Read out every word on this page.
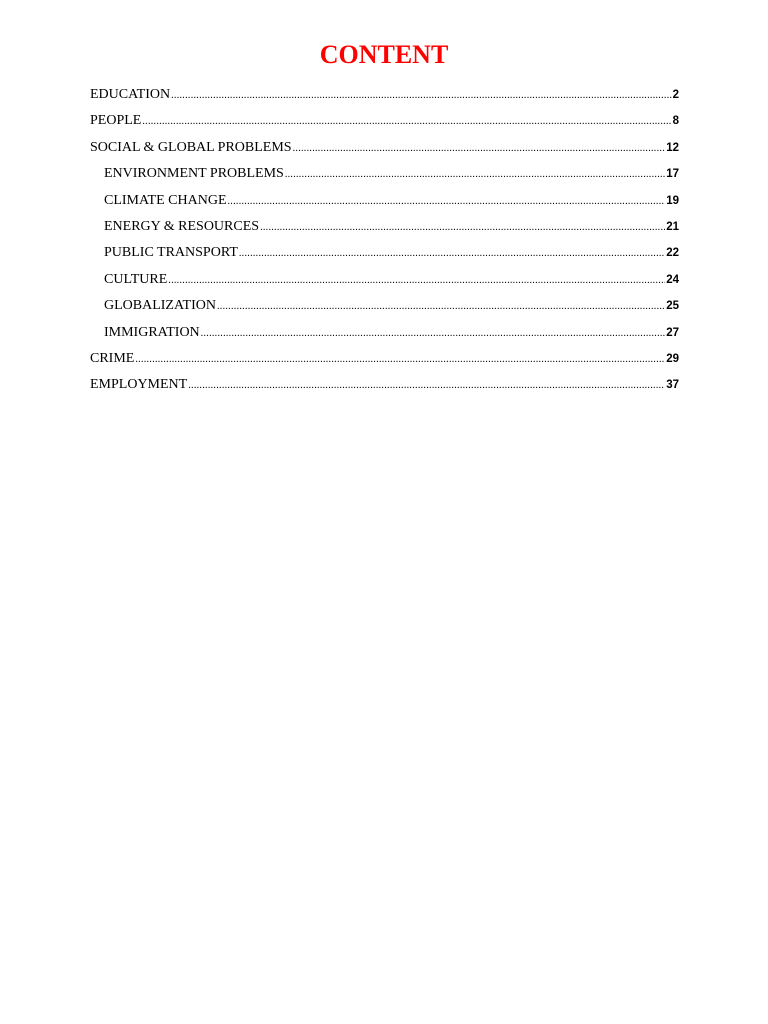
CONTENT
EDUCATION .....	2
PEOPLE .....	8
SOCIAL & GLOBAL PROBLEMS .....	12
ENVIRONMENT PROBLEMS .....	17
CLIMATE CHANGE .....	19
ENERGY & RESOURCES .....	21
PUBLIC TRANSPORT .....	22
CULTURE .....	24
GLOBALIZATION .....	25
IMMIGRATION .....	27
CRIME .....	29
EMPLOYMENT .....	37
